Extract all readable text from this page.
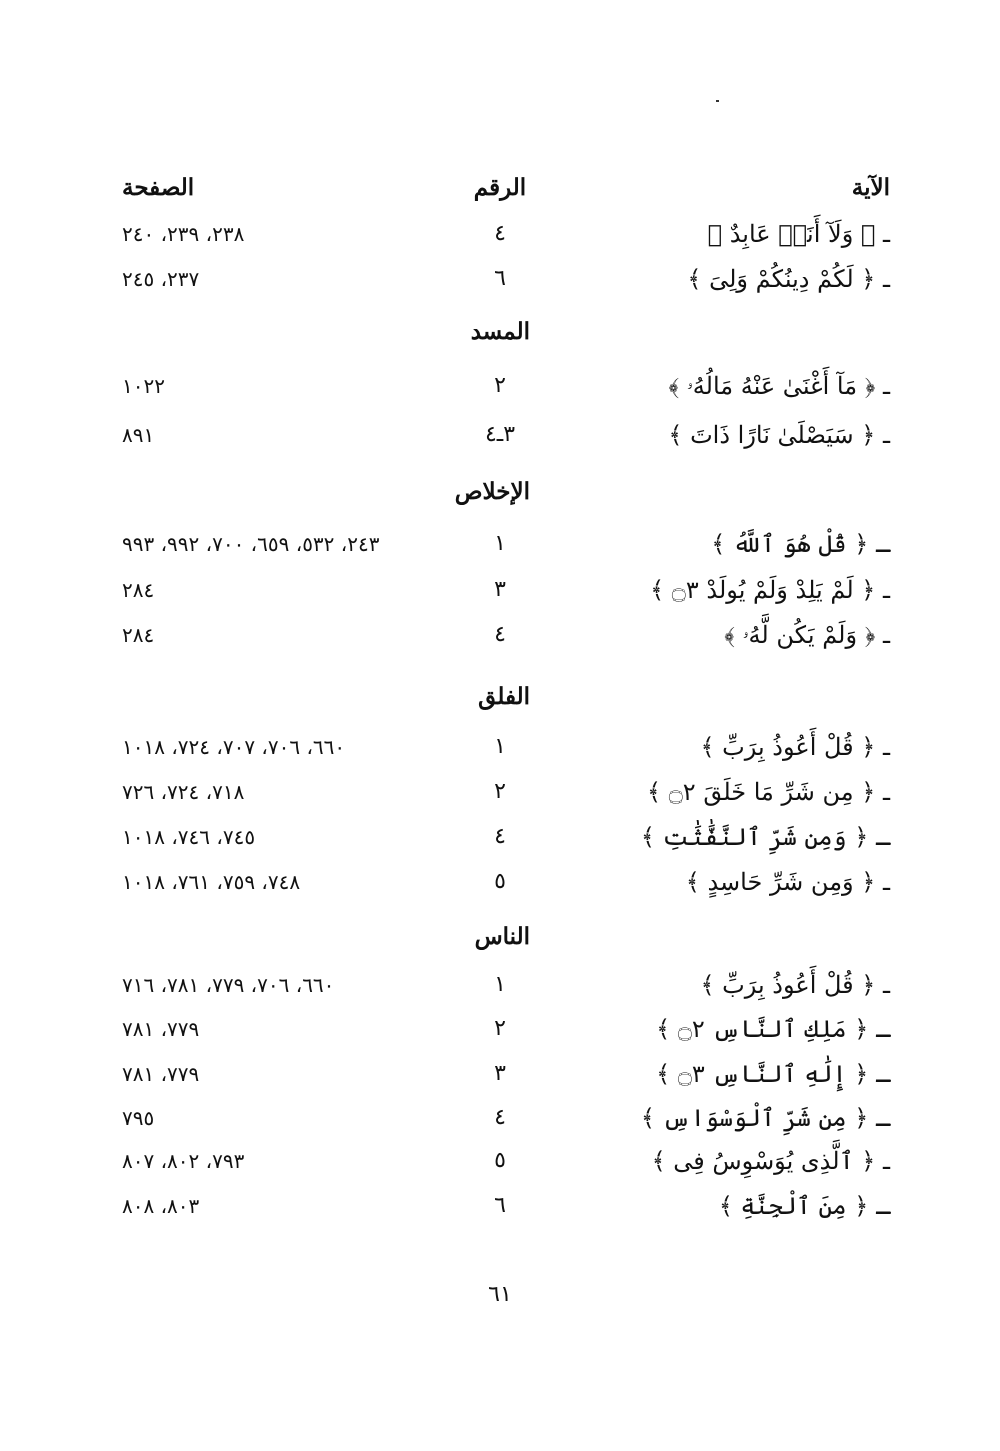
الآية
الرقم
الصفحة
ـ ﴿ وَلَآ أَنَا۠ عَابِدٌ ﴾
٤
٢٣٨، ٢٣٩، ٢٤٠
ـ ﴿ لَكُمْ دِينُكُمْ وَلِىَ ﴾
٦
٢٣٧، ٢٤٥
المسد
ـ ﴿ مَآ أَغْنَىٰ عَنْهُ مَالُهُۥ ﴾
٢
١٠٢٢
ـ ﴿ سَيَصْلَىٰ نَارًا ذَاتَ ﴾
٣ـ٤
٨٩١
الإخلاص
ـ ﴿ قُلْ هُوَ ٱللَّهُ ﴾
١
٢٤٣، ٥٣٢، ٦٥٩، ٧٠٠، ٩٩٢، ٩٩٣
ـ ﴿ لَمْ يَلِدْ وَلَمْ يُولَدْ ۝٣ ﴾
٣
٢٨٤
ـ ﴿ وَلَمْ يَكُن لَّهُۥ ﴾
٤
٢٨٤
الفلق
ـ ﴿ قُلْ أَعُوذُ بِرَبِّ ﴾
١
٦٦٠، ٧٠٦، ٧٠٧، ٧٢٤، ١٠١٨
ـ ﴿ مِن شَرِّ مَا خَلَقَ ۝٢ ﴾
٢
٧١٨، ٧٢٤، ٧٢٦
ـ ﴿ وَمِن شَرِّ ٱلنَّفَّٰثَٰتِ ﴾
٤
٧٤٥، ٧٤٦، ١٠١٨
ـ ﴿ وَمِن شَرِّ حَاسِدٍ ﴾
٥
٧٤٨، ٧٥٩، ٧٦١، ١٠١٨
الناس
ـ ﴿ قُلْ أَعُوذُ بِرَبِّ ﴾
١
٦٦٠، ٧٠٦، ٧٧٩، ٧٨١، ٧١٦
ـ ﴿ مَلِكِ ٱلنَّاسِ ۝٢ ﴾
٢
٧٧٩، ٧٨١
ـ ﴿ إِلَٰهِ ٱلنَّاسِ ۝٣ ﴾
٣
٧٧٩، ٧٨١
ـ ﴿ مِن شَرِّ ٱلْوَسْوَاسِ ﴾
٤
٧٩٥
ـ ﴿ ٱلَّذِى يُوَسْوِسُ فِى ﴾
٥
٧٩٣، ٨٠٢، ٨٠٧
ـ ﴿ مِنَ ٱلْجِنَّةِ ﴾
٦
٨٠٣، ٨٠٨
٦١
